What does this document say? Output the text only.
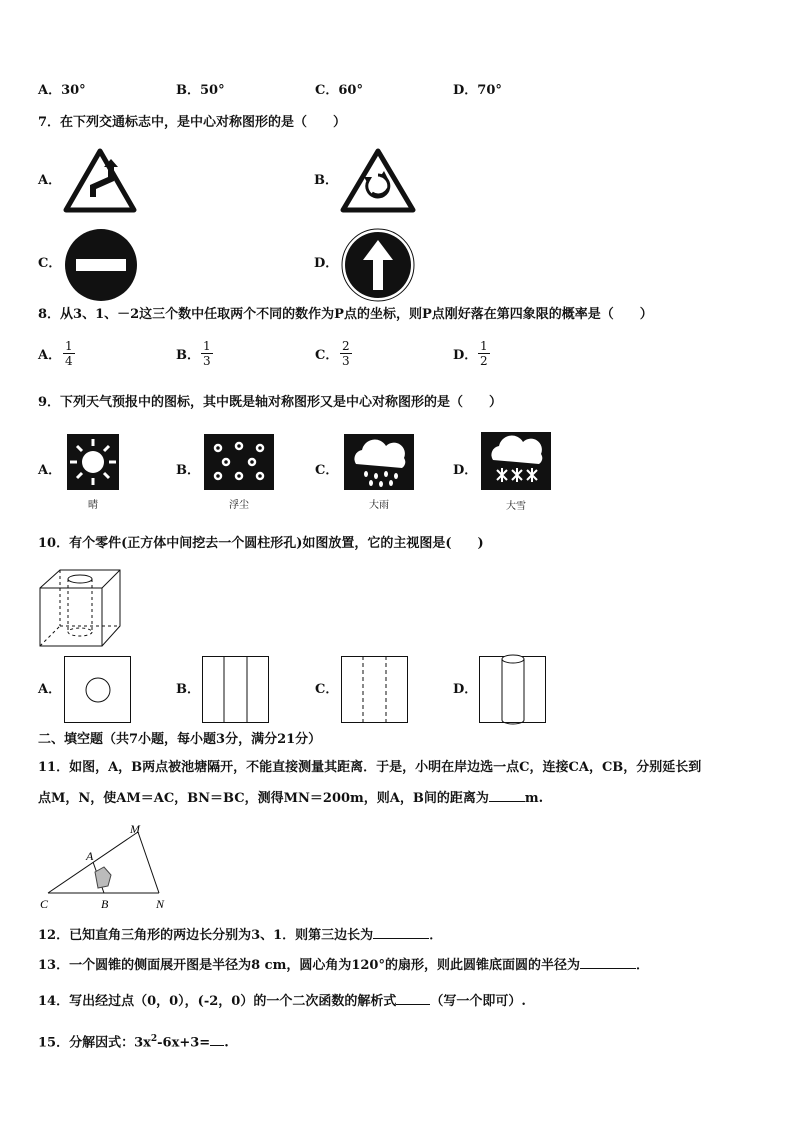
A．30°	B．50°	C．60°	D．70°
7．在下列交通标志中，是中心对称图形的是（　　）
A．	B．
C．	D．
8．从3、1、－2这三个数中任取两个不同的数作为P点的坐标，则P点刚好落在第四象限的概率是（　　）
A． $\frac{1}{4}$	B． $\frac{1}{3}$	C． $\frac{2}{3}$	D． $\frac{1}{2}$
9．下列天气预报中的图标，其中既是轴对称图形又是中心对称图形的是（　　）
A．
晴
B．
浮尘
C．
大雨
D．
大雪
10．有个零件(正方体中间挖去一个圆柱形孔)如图放置，它的主视图是(　　)
A．	B．	C．	D．
二、填空题（共7小题，每小题3分，满分21分）
11．如图，A，B两点被池塘隔开，不能直接测量其距离．于是，小明在岸边选一点C，连接CA，CB，分别延长到
点M，N，使AM＝AC，BN＝BC，测得MN＝200m，则A，B间的距离为	m.
M
A
C	B	N
12．已知直角三角形的两边长分别为3、1．则第三边长为	．
13．一个圆锥的侧面展开图是半径为8 cm，圆心角为120°的扇形，则此圆锥底面圆的半径为	．
14．写出经过点（0，0），(-2，0）的一个二次函数的解析式	（写一个即可）.
15．分解因式：$3x^2-6x+3=$ .
